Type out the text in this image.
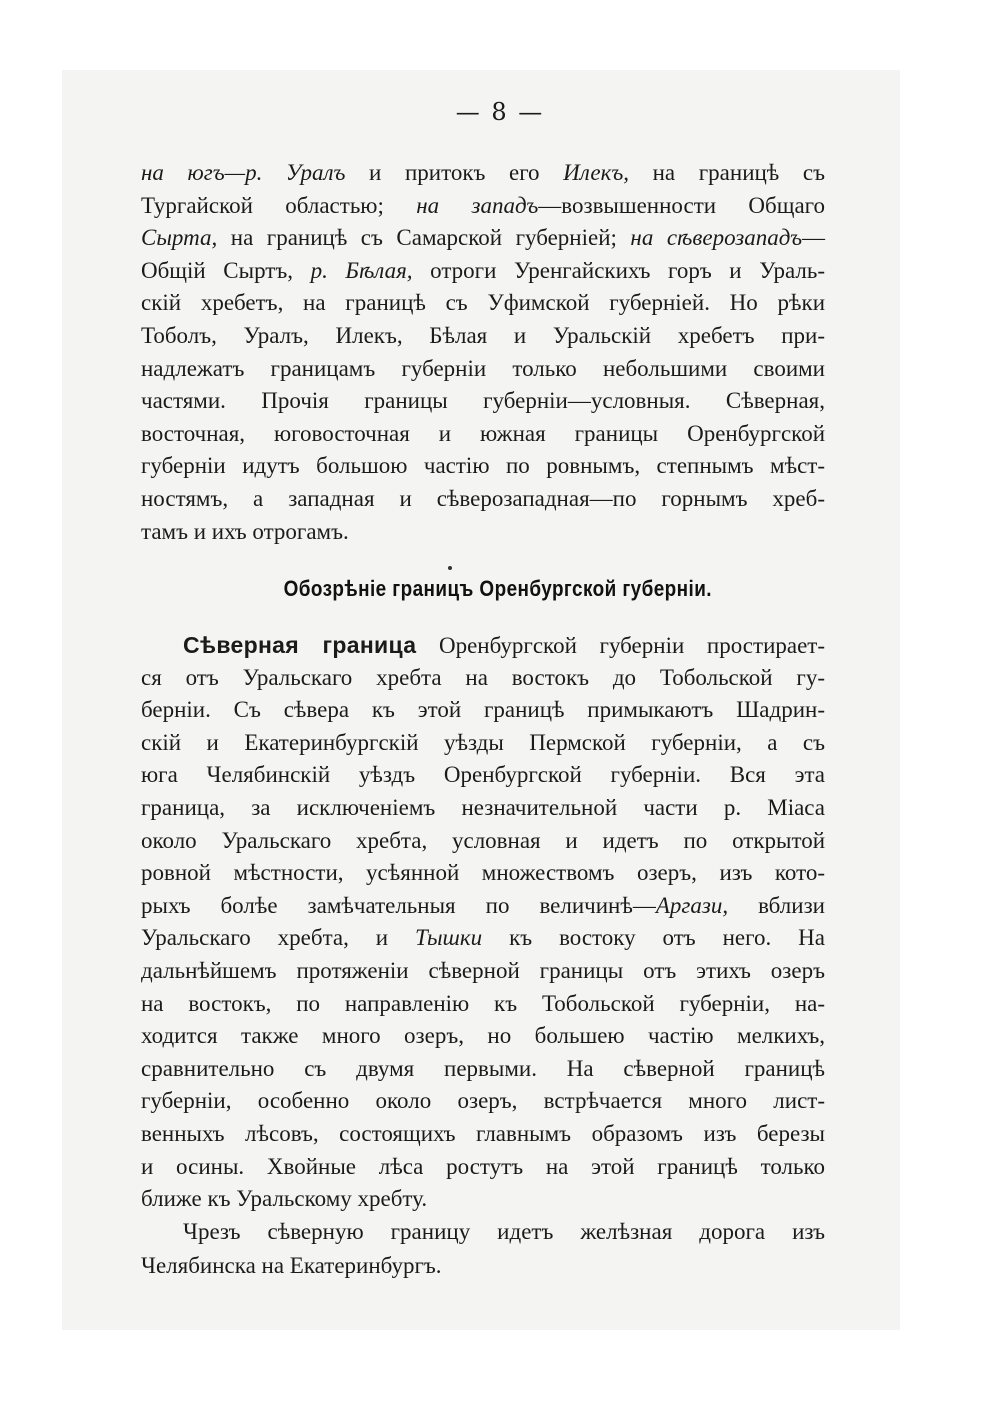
— 8 —
на югъ—р. Уралъ и притокъ его Илекъ, на границѣ съ
Тургайской областью; на западъ—возвышенности Общаго
Сырта, на границѣ съ Самарской губерніей; на сѣверозападъ—
Общій Сыртъ, р. Бѣлая, отроги Уренгайскихъ горъ и Ураль-
скій хребетъ, на границѣ съ Уфимской губерніей. Но рѣки
Тоболъ, Уралъ, Илекъ, Бѣлая и Уральскій хребетъ при-
надлежатъ границамъ губерніи только небольшими своими
частями. Прочія границы губерніи—условныя. Сѣверная,
восточная, юговосточная и южная границы Оренбургской
губерніи идутъ большою частію по ровнымъ, степнымъ мѣст-
ностямъ, а западная и сѣверозападная—по горнымъ хреб-
тамъ и ихъ отрогамъ.
Обозрѣніе границъ Оренбургской губерніи.
Сѣверная граница Оренбургской губерніи простирает-
ся отъ Уральскаго хребта на востокъ до Тобольской гу-
берніи. Съ сѣвера къ этой границѣ примыкаютъ Шадрин-
скій и Екатеринбургскій уѣзды Пермской губерніи, а съ
юга Челябинскій уѣздъ Оренбургской губерніи. Вся эта
граница, за исключеніемъ незначительной части р. Міаса
около Уральскаго хребта, условная и идетъ по открытой
ровной мѣстности, усѣянной множествомъ озеръ, изъ кото-
рыхъ болѣе замѣчательныя по величинѣ—Аргази, вблизи
Уральскаго хребта, и Тышки къ востоку отъ него. На
дальнѣйшемъ протяженіи сѣверной границы отъ этихъ озеръ
на востокъ, по направленію къ Тобольской губерніи, на-
ходится также много озеръ, но большею частію мелкихъ,
сравнительно съ двумя первыми. На сѣверной границѣ
губерніи, особенно около озеръ, встрѣчается много лист-
венныхъ лѣсовъ, состоящихъ главнымъ образомъ изъ березы
и осины. Хвойные лѣса ростутъ на этой границѣ только
ближе къ Уральскому хребту.
Чрезъ сѣверную границу идетъ желѣзная дорога изъ
Челябинска на Екатеринбургъ.
